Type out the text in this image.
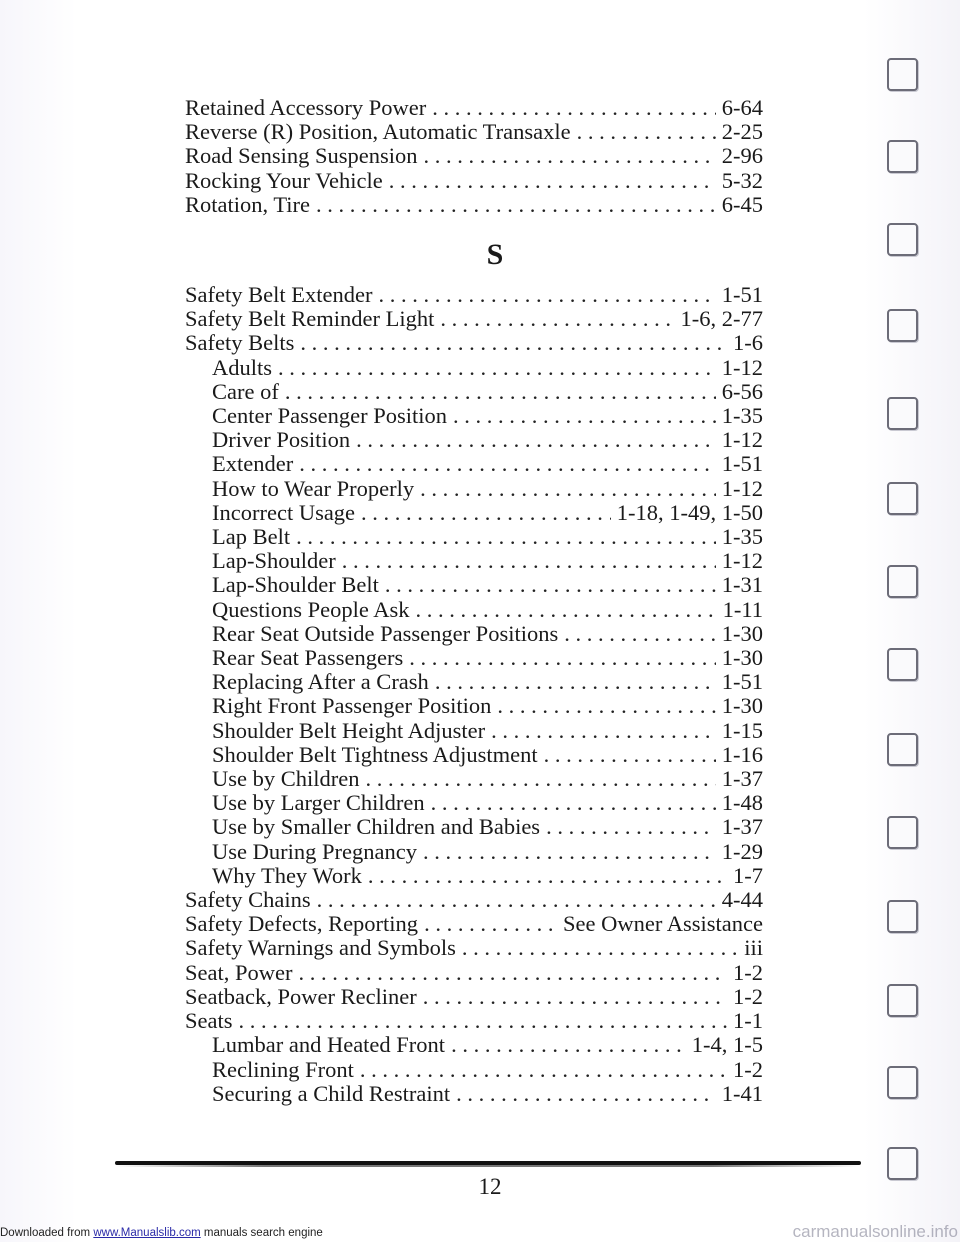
Retained Accessory Power . . .	6-64
Reverse (R) Position, Automatic Transaxle . . .	2-25
Road Sensing Suspension . . .	2-96
Rocking Your Vehicle . . .	5-32
Rotation, Tire . . .	6-45
S
Safety Belt Extender . . .	1-51
Safety Belt Reminder Light . . .	1-6, 2-77
Safety Belts . . .	1-6
Adults . . .	1-12
Care of . . .	6-56
Center Passenger Position . . .	1-35
Driver Position . . .	1-12
Extender . . .	1-51
How to Wear Properly . . .	1-12
Incorrect Usage . . .	1-18, 1-49, 1-50
Lap Belt . . .	1-35
Lap-Shoulder . . .	1-12
Lap-Shoulder Belt . . .	1-31
Questions People Ask . . .	1-11
Rear Seat Outside Passenger Positions . . .	1-30
Rear Seat Passengers . . .	1-30
Replacing After a Crash . . .	1-51
Right Front Passenger Position . . .	1-30
Shoulder Belt Height Adjuster . . .	1-15
Shoulder Belt Tightness Adjustment . . .	1-16
Use by Children . . .	1-37
Use by Larger Children . . .	1-48
Use by Smaller Children and Babies . . .	1-37
Use During Pregnancy . . .	1-29
Why They Work . . .	1-7
Safety Chains . . .	4-44
Safety Defects, Reporting . . .	See Owner Assistance
Safety Warnings and Symbols . . .	iii
Seat, Power . . .	1-2
Seatback, Power Recliner . . .	1-2
Seats . . .	1-1
Lumbar and Heated Front . . .	1-4, 1-5
Reclining Front . . .	1-2
Securing a Child Restraint . . .	1-41
12
Downloaded from www.Manualslib.com manuals search engine	carmanualsonline.info
